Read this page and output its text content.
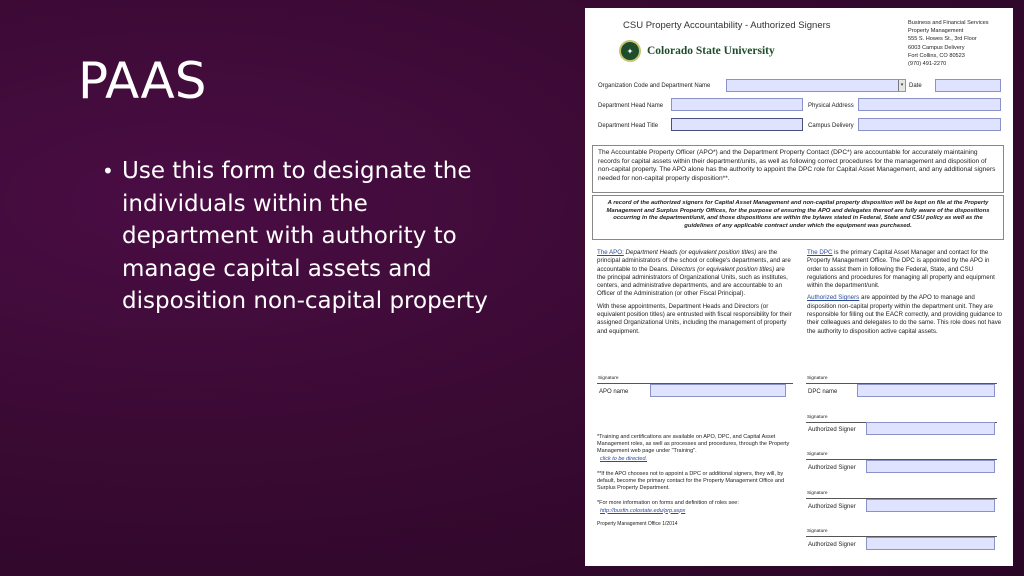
PAAS
• Use this form to designate the individuals within the department with authority to manage capital assets and disposition non-capital property
CSU Property Accountability - Authorized Signers	Business and Financial Services
Property Management
555 S. Howes St., 3rd Floor
6003 Campus Delivery
Fort Collins, CO 80523
(970) 491-2270
✦	Colorado State University
Organization Code and Department Name	▾ Date
Department Head Name	Physical Address
Department Head Title	Campus Delivery

The Accountable Property Officer (APO*) and the Department Property Contact (DPC*) are accountable for accurately maintaining records for capital assets within their department/units, as well as following correct procedures for the management and disposition of non-capital property. The APO alone has the authority to appoint the DPC role for Capital Asset Management, and any additional signers needed for non-capital property disposition**.

A record of the authorized signers for Capital Asset Management and non-capital property disposition will be kept on file at the Property Management and Surplus Property Offices, for the purpose of ensuring the APO and delegates thereof are fully aware of the dispositions occurring in the department/unit, and those dispositions are within the bylaws stated in Federal, State and CSU policy as well as the guidelines of any applicable contract under which the equipment was purchased.

The APO: Department Heads (or equivalent position titles) are the principal administrators of the school or college's departments, and are accountable to the Deans. Directors (or equivalent position titles) are the principal administrators of Organizational Units, such as institutes, centers, and administrative departments, and are accountable to an Officer of the Administration (or other Fiscal Principal).

With these appointments, Department Heads and Directors (or equivalent position titles) are entrusted with fiscal responsibility for their assigned Organizational Units, including the management of property and equipment.

The DPC is the primary Capital Asset Manager and contact for the Property Management Office. The DPC is appointed by the APO in order to assist them in following the Federal, State, and CSU regulations and procedures for managing all property and equipment within the department/unit.

Authorized Signers are appointed by the APO to manage and disposition non-capital property within the department unit. They are responsible for filling out the EACR correctly, and providing guidance to their colleagues and delegates to do the same. This role does not have the authority to disposition active capital assets.

Signature
APO name
Signature
DPC name
Signature
Authorized Signer
Signature
Authorized Signer
Signature
Authorized Signer
Signature
Authorized Signer

*Training and certifications are available on APO, DPC, and Capital Asset Management roles, as well as processes and procedures, through the Property Management web page under "Training".

click to be directed.

**If the APO chooses not to appoint a DPC or additional signers, they will, by default, become the primary contact for the Property Management Office and Surplus Property Department.

*For more information on forms and definition of roles see:

http://busfin.colostate.edu/prp.aspx

Property Management Office 1/2014
